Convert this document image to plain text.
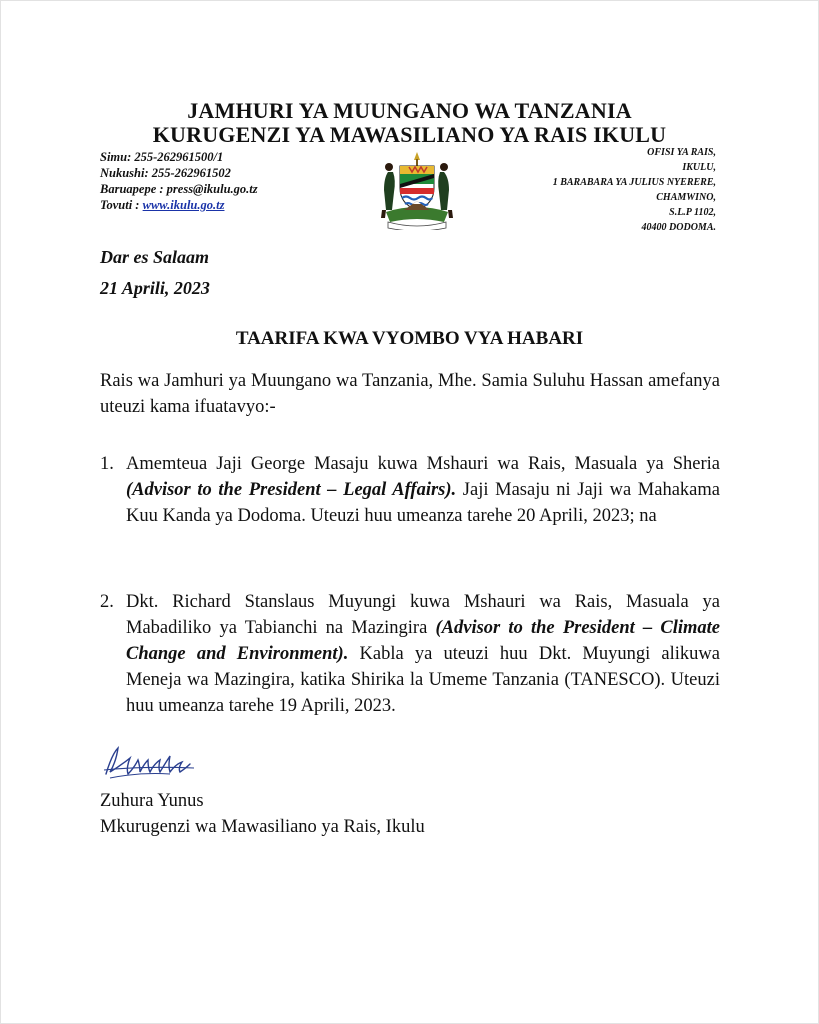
JAMHURI YA MUUNGANO WA TANZANIA
KURUGENZI YA MAWASILIANO YA RAIS IKULU
Simu: 255-262961500/1
Nukushi: 255-262961502
Baruapepe : press@ikulu.go.tz
Tovuti : www.ikulu.go.tz
OFISI YA RAIS,
IKULU,
1 BARABARA YA JULIUS NYERERE,
CHAMWINO,
S.L.P 1102,
40400 DODOMA.
Dar es Salaam
21 Aprili, 2023
TAARIFA KWA VYOMBO VYA HABARI
Rais wa Jamhuri ya Muungano wa Tanzania, Mhe. Samia Suluhu Hassan amefanya uteuzi kama ifuatavyo:-
1. Amemteua Jaji George Masaju kuwa Mshauri wa Rais, Masuala ya Sheria (Advisor to the President – Legal Affairs). Jaji Masaju ni Jaji wa Mahakama Kuu Kanda ya Dodoma. Uteuzi huu umeanza tarehe 20 Aprili, 2023; na
2. Dkt. Richard Stanslaus Muyungi kuwa Mshauri wa Rais, Masuala ya Mabadiliko ya Tabianchi na Mazingira (Advisor to the President – Climate Change and Environment). Kabla ya uteuzi huu Dkt. Muyungi alikuwa Meneja wa Mazingira, katika Shirika la Umeme Tanzania (TANESCO). Uteuzi huu umeanza tarehe 19 Aprili, 2023.
Zuhura Yunus
Mkurugenzi wa Mawasiliano ya Rais, Ikulu
